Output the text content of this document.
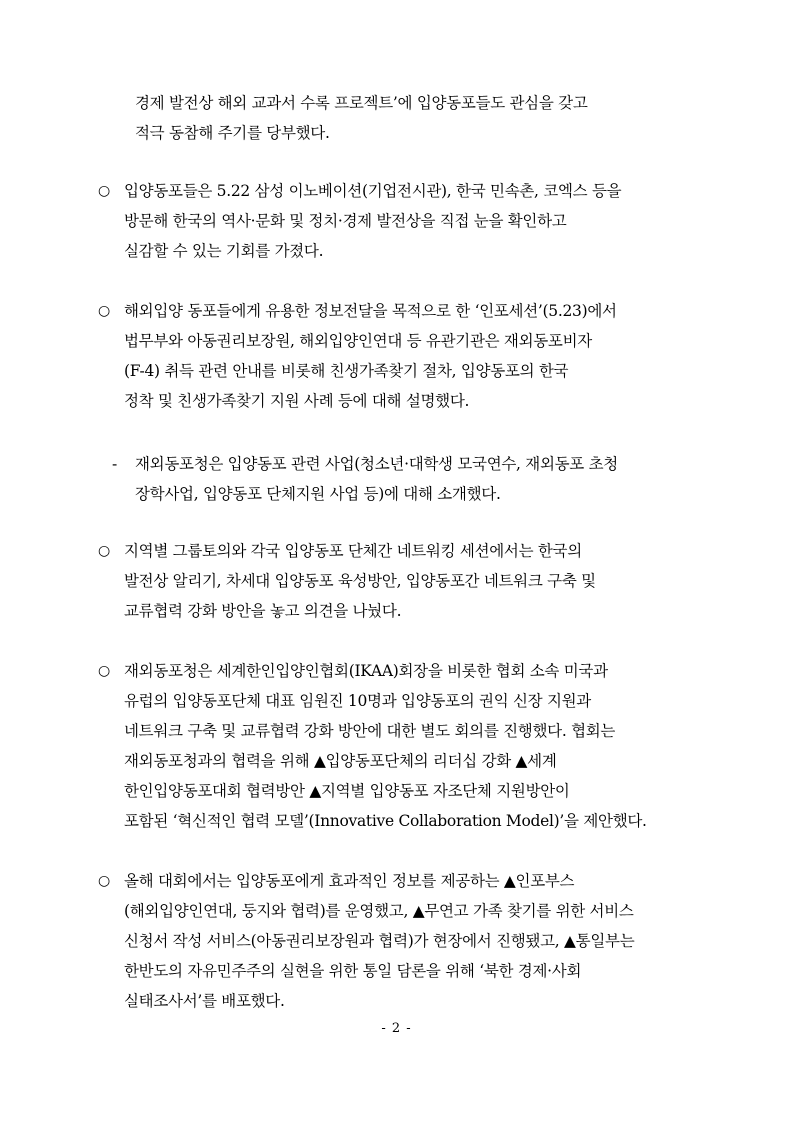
경제 발전상 해외 교과서 수록 프로젝트’에 입양동포들도 관심을 갖고
적극 동참해 주기를 당부했다.
○ 입양동포들은 5.22 삼성 이노베이션(기업전시관), 한국 민속촌, 코엑스 등을
방문해 한국의 역사·문화 및 정치·경제 발전상을 직접 눈을 확인하고
실감할 수 있는 기회를 가졌다.
○ 해외입양 동포들에게 유용한 정보전달을 목적으로 한 ‘인포세션’(5.23)에서
법무부와 아동권리보장원, 해외입양인연대 등 유관기관은 재외동포비자
(F-4) 취득 관련 안내를 비롯해 친생가족찾기 절차, 입양동포의 한국
정착 및 친생가족찾기 지원 사례 등에 대해 설명했다.
- 재외동포청은 입양동포 관련 사업(청소년·대학생 모국연수, 재외동포 초청
장학사업, 입양동포 단체지원 사업 등)에 대해 소개했다.
○ 지역별 그룹토의와 각국 입양동포 단체간 네트워킹 세션에서는 한국의
발전상 알리기, 차세대 입양동포 육성방안, 입양동포간 네트워크 구축 및
교류협력 강화 방안을 놓고 의견을 나눴다.
○ 재외동포청은 세계한인입양인협회(IKAA)회장을 비롯한 협회 소속 미국과
유럽의 입양동포단체 대표 임원진 10명과 입양동포의 권익 신장 지원과
네트워크 구축 및 교류협력 강화 방안에 대한 별도 회의를 진행했다. 협회는
재외동포청과의 협력을 위해 ▲입양동포단체의 리더십 강화 ▲세계
한인입양동포대회 협력방안 ▲지역별 입양동포 자조단체 지원방안이
포함된 ‘혁신적인 협력 모델’(Innovative Collaboration Model)’을 제안했다.
○ 올해 대회에서는 입양동포에게 효과적인 정보를 제공하는 ▲인포부스
(해외입양인연대, 둥지와 협력)를 운영했고, ▲무연고 가족 찾기를 위한 서비스
신청서 작성 서비스(아동권리보장원과 협력)가 현장에서 진행됐고, ▲통일부는
한반도의 자유민주주의 실현을 위한 통일 담론을 위해 ‘북한 경제·사회
실태조사서’를 배포했다.
- 2 -
